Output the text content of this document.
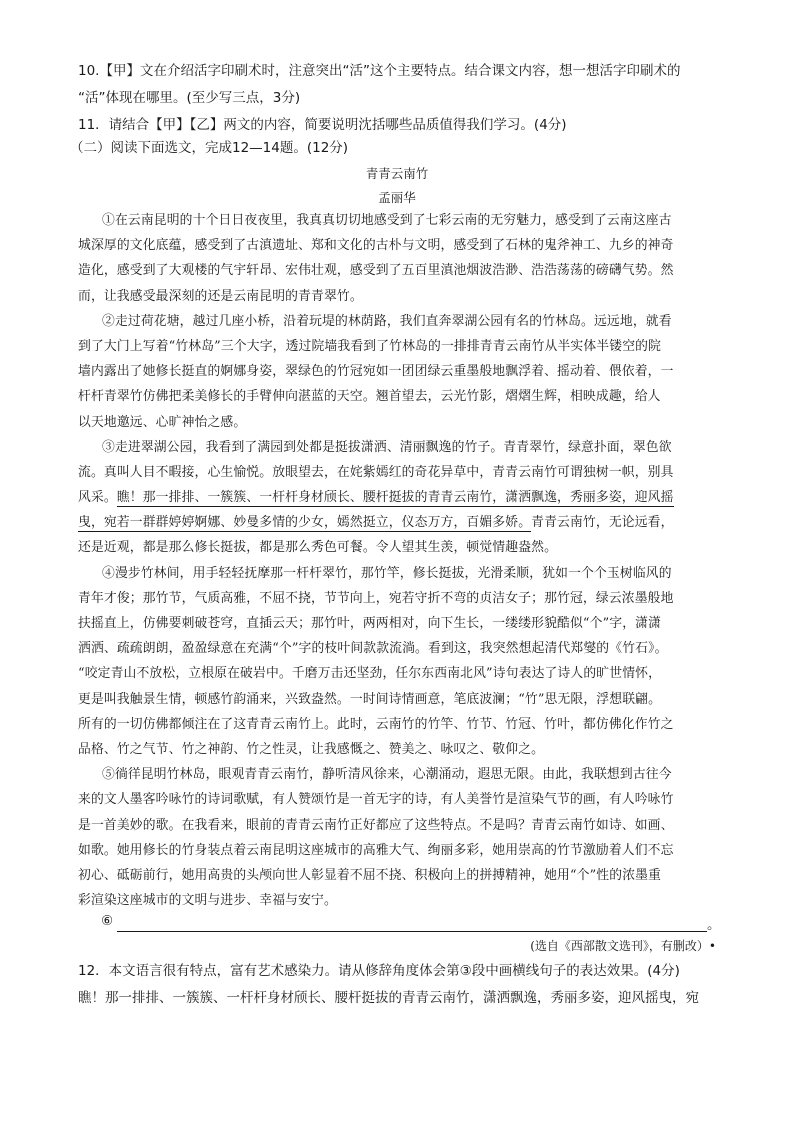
10.【甲】文在介绍活字印刷术时，注意突出“活”这个主要特点。结合课文内容，想一想活字印刷术的
“活”体现在哪里。(至少写三点，3分)
11．请结合【甲】【乙】两文的内容，简要说明沈括哪些品质值得我们学习。(4分)
（二）阅读下面选文，完成12—14题。(12分)
青青云南竹
孟丽华
①在云南昆明的十个日日夜夜里，我真真切切地感受到了七彩云南的无穷魅力，感受到了云南这座古
城深厚的文化底蕴，感受到了古滇遗址、郑和文化的古朴与文明，感受到了石林的鬼斧神工、九乡的神奇
造化，感受到了大观楼的气宇轩昂、宏伟壮观，感受到了五百里滇池烟波浩渺、浩浩荡荡的磅礴气势。然
而，让我感受最深刻的还是云南昆明的青青翠竹。
②走过荷花塘，越过几座小桥，沿着玩堤的林荫路，我们直奔翠湖公园有名的竹林岛。远远地，就看
到了大门上写着“竹林岛”三个大字，透过院墙我看到了竹林岛的一排排青青云南竹从半实体半镂空的院
墙内露出了她修长挺直的婀娜身姿，翠绿色的竹冠宛如一团团绿云重墨般地飘浮着、摇动着、偎依着，一
杆杆青翠竹仿佛把柔美修长的手臂伸向湛蓝的天空。翘首望去，云光竹影，熠熠生辉，相映成趣，给人
以天地邀远、心旷神怡之感。
③走进翠湖公园，我看到了满园到处都是挺拔潇洒、清丽飘逸的竹子。青青翠竹，绿意扑面，翠色欲
流。真叫人目不暇接，心生愉悦。放眼望去，在姹紫嫣红的奇花异草中，青青云南竹可谓独树一帜，别具
风采。瞧！那一排排、一簇簇、一杆杆身材颀长、腰杆挺拔的青青云南竹，潇洒飘逸，秀丽多姿，迎风摇
曳，宛若一群群婷婷婀娜、妙曼多情的少女，嫣然挺立，仪态万方，百媚多娇。青青云南竹，无论远看，
还是近观，都是那么修长挺拔，都是那么秀色可餐。令人望其生羡，顿觉情趣盎然。
④漫步竹林间，用手轻轻抚摩那一杆杆翠竹，那竹竿，修长挺拔，光滑柔顺，犹如一个个玉树临风的
青年才俊；那竹节，气质高雅，不屈不挠，节节向上，宛若守折不弯的贞洁女子；那竹冠，绿云浓墨般地
扶摇直上，仿佛要刺破苍穹，直插云天；那竹叶，两两相对，向下生长，一缕缕形貌酷似“个”字，潇潇
洒洒、疏疏朗朗，盈盈绿意在充满“个”字的枝叶间款款流淌。看到这，我突然想起清代郑燮的《竹石》。
“咬定青山不放松，立根原在破岩中。千磨万击还坚劲，任尔东西南北风”诗句表达了诗人的旷世情怀，
更是叫我触景生情，顿感竹韵涌来，兴致盎然。一时间诗情画意，笔底波澜；“竹”思无限，浮想联翩。
所有的一切仿佛都倾注在了这青青云南竹上。此时，云南竹的竹竿、竹节、竹冠、竹叶，都仿佛化作竹之
品格、竹之气节、竹之神韵、竹之性灵，让我感慨之、赞美之、咏叹之、敬仰之。
⑤徜徉昆明竹林岛，眼观青青云南竹，静听清风徐来，心潮涌动，遐思无限。由此，我联想到古往今
来的文人墨客吟咏竹的诗词歌赋，有人赞颂竹是一首无字的诗，有人美誉竹是渲染气节的画，有人吟咏竹
是一首美妙的歌。在我看来，眼前的青青云南竹正好都应了这些特点。不是吗？青青云南竹如诗、如画、
如歌。她用修长的竹身装点着云南昆明这座城市的高雅大气、绚丽多彩，她用崇高的竹节激励着人们不忘
初心、砥砺前行，她用高贵的头颅向世人彰显着不屈不挠、积极向上的拼搏精神，她用“个”性的浓墨重
彩渲染这座城市的文明与进步、幸福与安宁。
⑥	。
(选自《西部散文选刊》，有删改）•
12．本文语言很有特点，富有艺术感染力。请从修辞角度体会第③段中画横线句子的表达效果。(4分)
瞧！那一排排、一簇簇、一杆杆身材颀长、腰杆挺拔的青青云南竹，潇洒飘逸，秀丽多姿，迎风摇曳，宛
